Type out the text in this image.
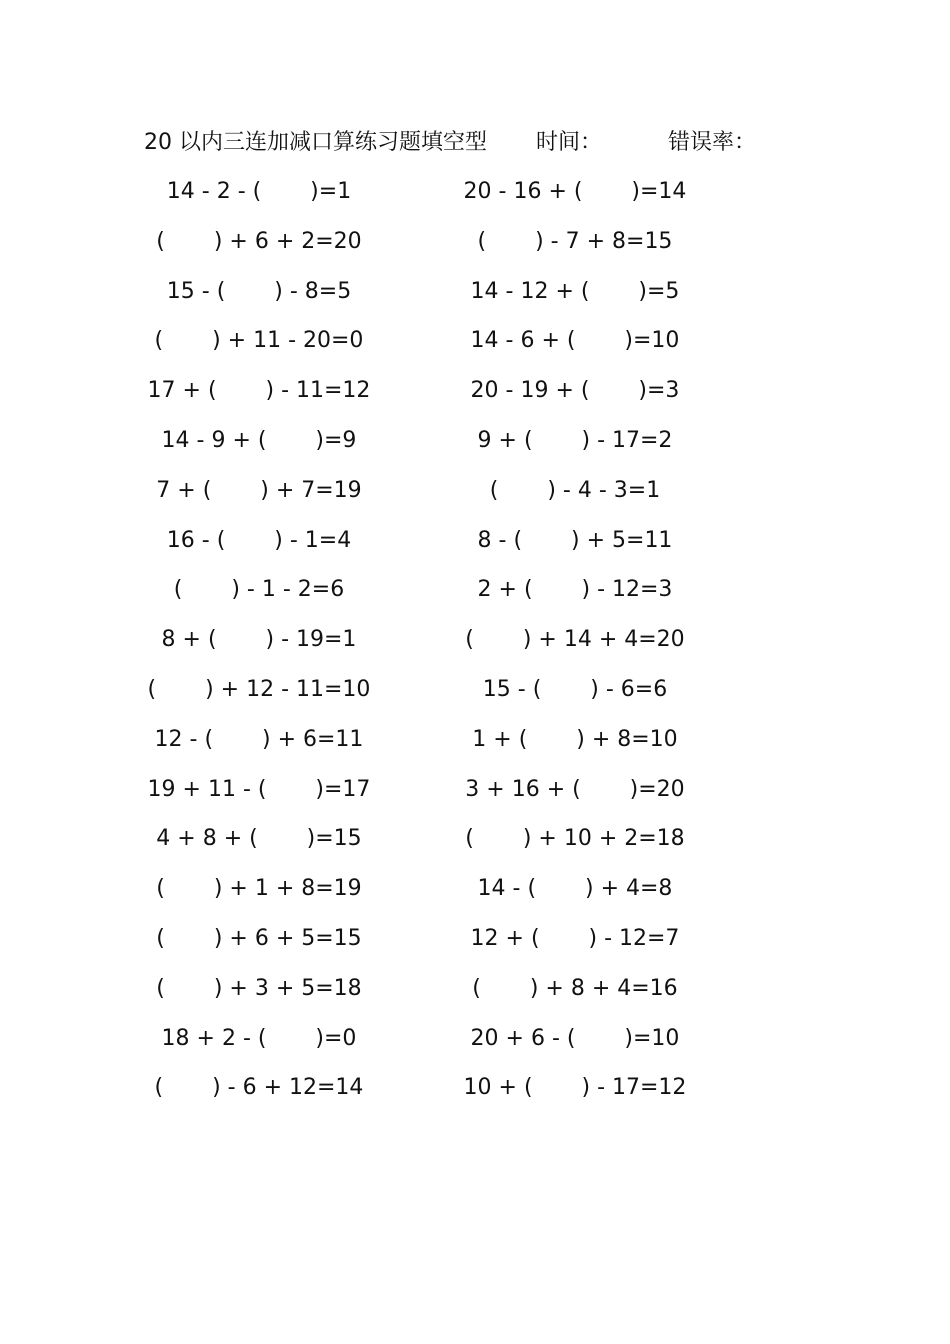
20 以内三连加减口算练习题填空型 时间：	错误率：
14 - 2 - (       )=1	20 - 16 + (       )=14
(       ) + 6 + 2=20	(       ) - 7 + 8=15
15 - (       ) - 8=5	14 - 12 + (       )=5
(       ) + 11 - 20=0	14 - 6 + (       )=10
17 + (       ) - 11=12	20 - 19 + (       )=3
14 - 9 + (       )=9	9 + (       ) - 17=2
7 + (       ) + 7=19	(       ) - 4 - 3=1
16 - (       ) - 1=4	8 - (       ) + 5=11
(       ) - 1 - 2=6	2 + (       ) - 12=3
8 + (       ) - 19=1	(       ) + 14 + 4=20
(       ) + 12 - 11=10	15 - (       ) - 6=6
12 - (       ) + 6=11	1 + (       ) + 8=10
19 + 11 - (       )=17	3 + 16 + (       )=20
4 + 8 + (       )=15	(       ) + 10 + 2=18
(       ) + 1 + 8=19	14 - (       ) + 4=8
(       ) + 6 + 5=15	12 + (       ) - 12=7
(       ) + 3 + 5=18	(       ) + 8 + 4=16
18 + 2 - (       )=0	20 + 6 - (       )=10
(       ) - 6 + 12=14	10 + (       ) - 17=12
